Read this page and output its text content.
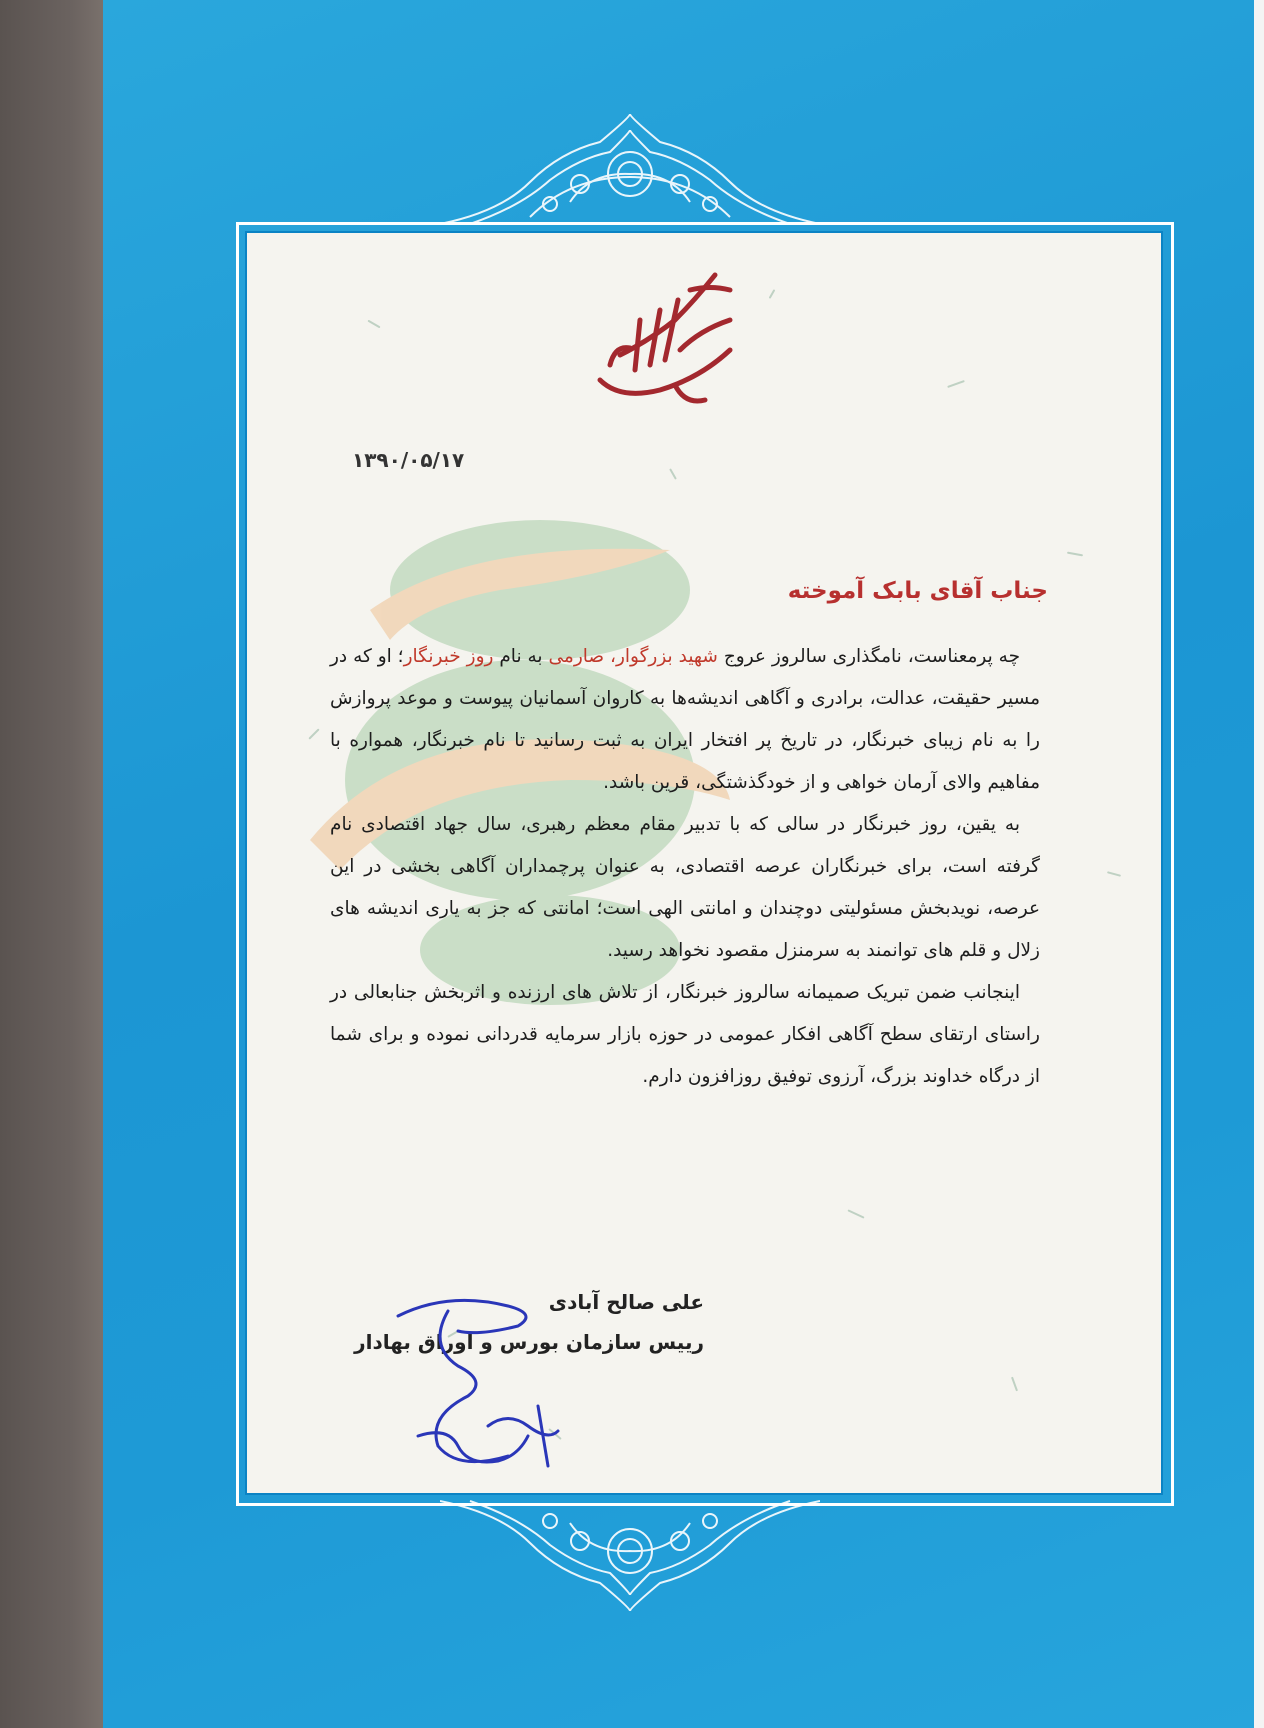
۱۳۹۰/۰۵/۱۷
جناب آقای بابک آموخته

چه پرمعناست، نامگذاری سالروز عروج شهید بزرگوار، صارمی به نام روز خبرنگار؛ او که در مسیر حقیقت، عدالت، برادری و آگاهی اندیشه‌ها به کاروان آسمانیان پیوست و موعد پروازش را به نام زیبای خبرنگار، در تاریخ پر افتخار ایران به ثبت رسانید تا نام خبرنگار، همواره با مفاهیم والای آرمان خواهی و از خودگذشتگی، قرین باشد.

به یقین، روز خبرنگار در سالی که با تدبیر مقام معظم رهبری، سال جهاد اقتصادی نام گرفته است، برای خبرنگاران عرصه اقتصادی، به عنوان پرچمداران آگاهی بخشی در این عرصه، نویدبخش مسئولیتی دوچندان و امانتی الهی است؛ امانتی که جز به یاری اندیشه های زلال و قلم های توانمند به سرمنزل مقصود نخواهد رسید.

اینجانب ضمن تبریک صمیمانه سالروز خبرنگار، از تلاش های ارزنده و اثربخش جنابعالی در راستای ارتقای سطح آگاهی افکار عمومی در حوزه بازار سرمایه قدردانی نموده و برای شما از درگاه خداوند بزرگ، آرزوی توفیق روزافزون دارم.

علی صالح آبادی
رییس سازمان بورس و اوراق بهادار
